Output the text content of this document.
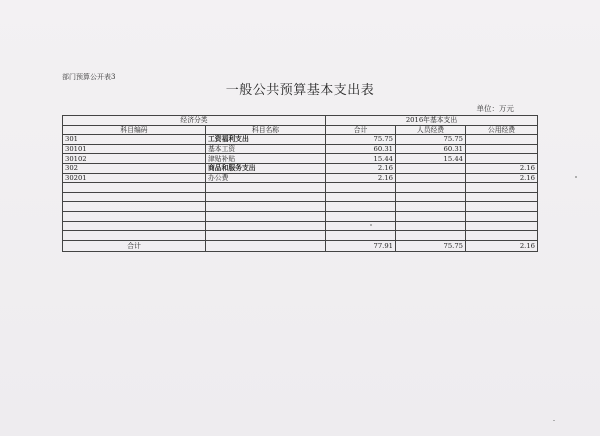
部门预算公开表3
一般公共预算基本支出表
单位：万元
经济分类		2016年基本支出		
科目编码	科目名称	合计	人员经费	公用经费
301	工资福利支出	75.75	75.75	
30101	基本工资	60.31	60.31	
30102	津贴补贴	15.44	15.44	
302	商品和服务支出	2.16		2.16
30201	办公费	2.16		2.16

合计		77.91	75.75	2.16
